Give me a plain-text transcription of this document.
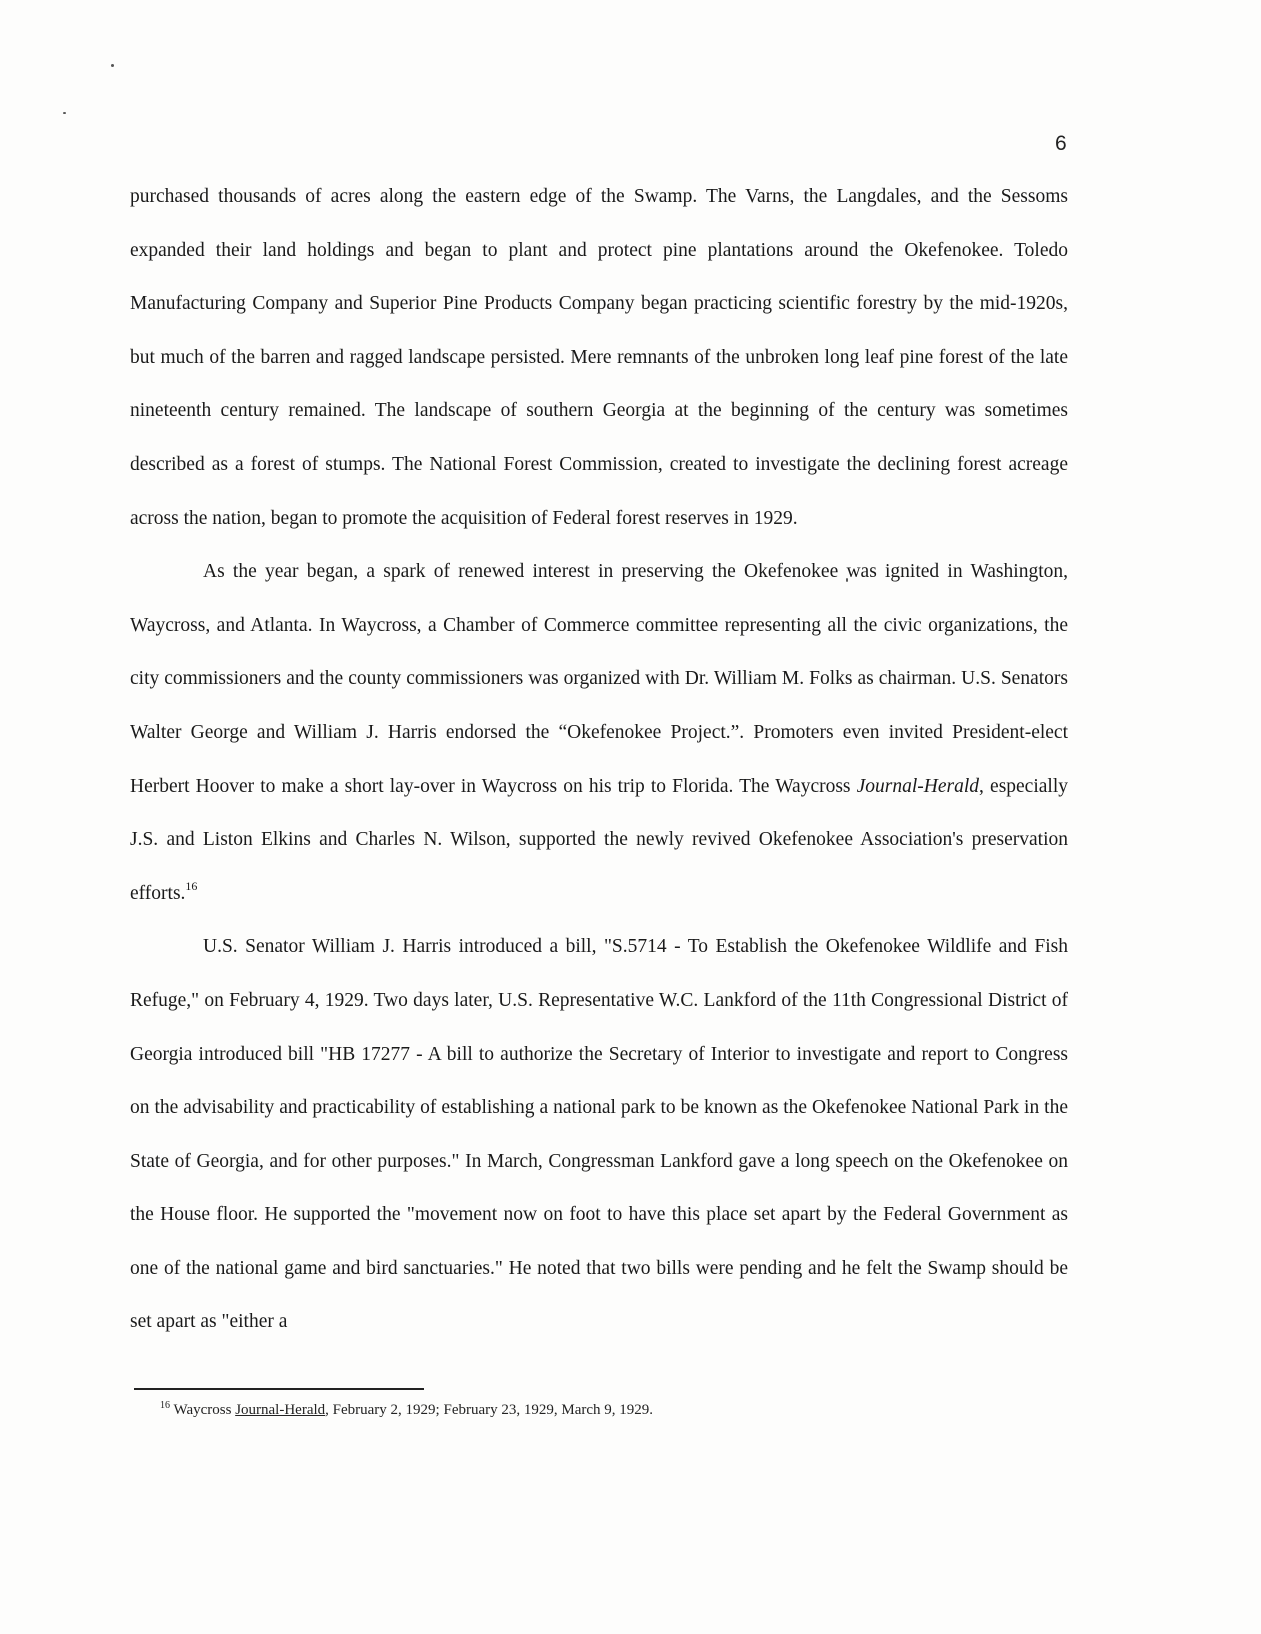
6

purchased thousands of acres along the eastern edge of the Swamp. The Varns, the Langdales, and the Sessoms expanded their land holdings and began to plant and protect pine plantations around the Okefenokee. Toledo Manufacturing Company and Superior Pine Products Company began practicing scientific forestry by the mid-1920s, but much of the barren and ragged landscape persisted. Mere remnants of the unbroken long leaf pine forest of the late nineteenth century remained. The landscape of southern Georgia at the beginning of the century was sometimes described as a forest of stumps. The National Forest Commission, created to investigate the declining forest acreage across the nation, began to promote the acquisition of Federal forest reserves in 1929.

As the year began, a spark of renewed interest in preserving the Okefenokee was ignited in Washington, Waycross, and Atlanta. In Waycross, a Chamber of Commerce committee representing all the civic organizations, the city commissioners and the county commissioners was organized with Dr. William M. Folks as chairman. U.S. Senators Walter George and William J. Harris endorsed the “Okefenokee Project.”. Promoters even invited President-elect Herbert Hoover to make a short lay-over in Waycross on his trip to Florida. The Waycross Journal-Herald, especially J.S. and Liston Elkins and Charles N. Wilson, supported the newly revived Okefenokee Association's preservation efforts.$^{16}$

U.S. Senator William J. Harris introduced a bill, "S.5714 - To Establish the Okefenokee Wildlife and Fish Refuge," on February 4, 1929. Two days later, U.S. Representative W.C. Lankford of the 11th Congressional District of Georgia introduced bill "HB 17277 - A bill to authorize the Secretary of Interior to investigate and report to Congress on the advisability and practicability of establishing a national park to be known as the Okefenokee National Park in the State of Georgia, and for other purposes." In March, Congressman Lankford gave a long speech on the Okefenokee on the House floor. He supported the "movement now on foot to have this place set apart by the Federal Government as one of the national game and bird sanctuaries." He noted that two bills were pending and he felt the Swamp should be set apart as "either a

$^{16}$ Waycross Journal-Herald, February 2, 1929; February 23, 1929, March 9, 1929.
